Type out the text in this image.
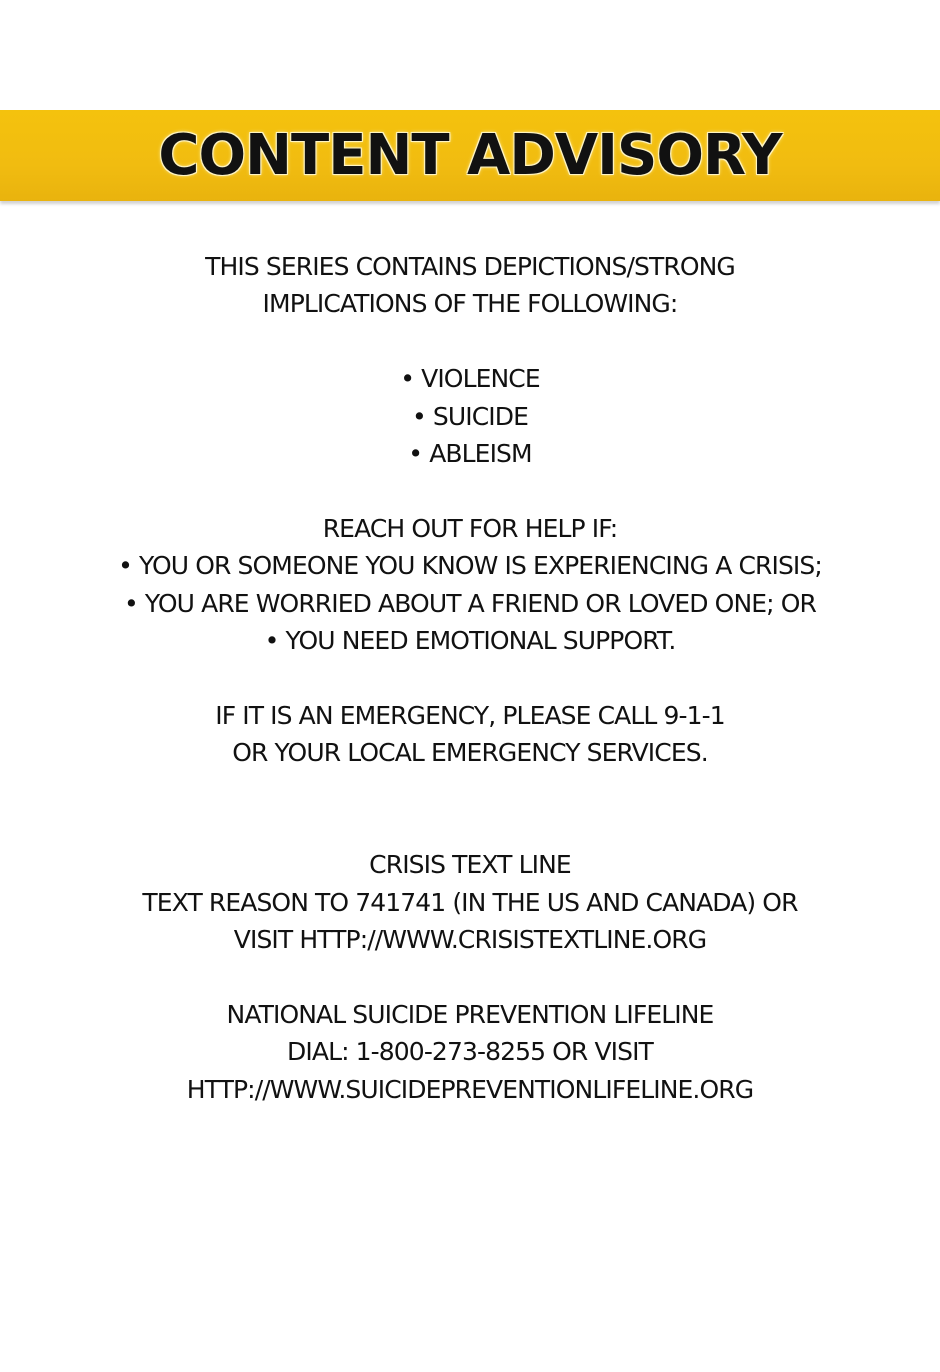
CONTENT ADVISORY
THIS SERIES CONTAINS DEPICTIONS/STRONG
IMPLICATIONS OF THE FOLLOWING:
• VIOLENCE
• SUICIDE
• ABLEISM
REACH OUT FOR HELP IF:
• YOU OR SOMEONE YOU KNOW IS EXPERIENCING A CRISIS;
• YOU ARE WORRIED ABOUT A FRIEND OR LOVED ONE; OR
• YOU NEED EMOTIONAL SUPPORT.
IF IT IS AN EMERGENCY, PLEASE CALL 9-1-1
OR YOUR LOCAL EMERGENCY SERVICES.
CRISIS TEXT LINE
TEXT REASON TO 741741 (IN THE US AND CANADA) OR
VISIT HTTP://WWW.CRISISTEXTLINE.ORG
NATIONAL SUICIDE PREVENTION LIFELINE
DIAL: 1-800-273-8255 OR VISIT
HTTP://WWW.SUICIDEPREVENTIONLIFELINE.ORG
